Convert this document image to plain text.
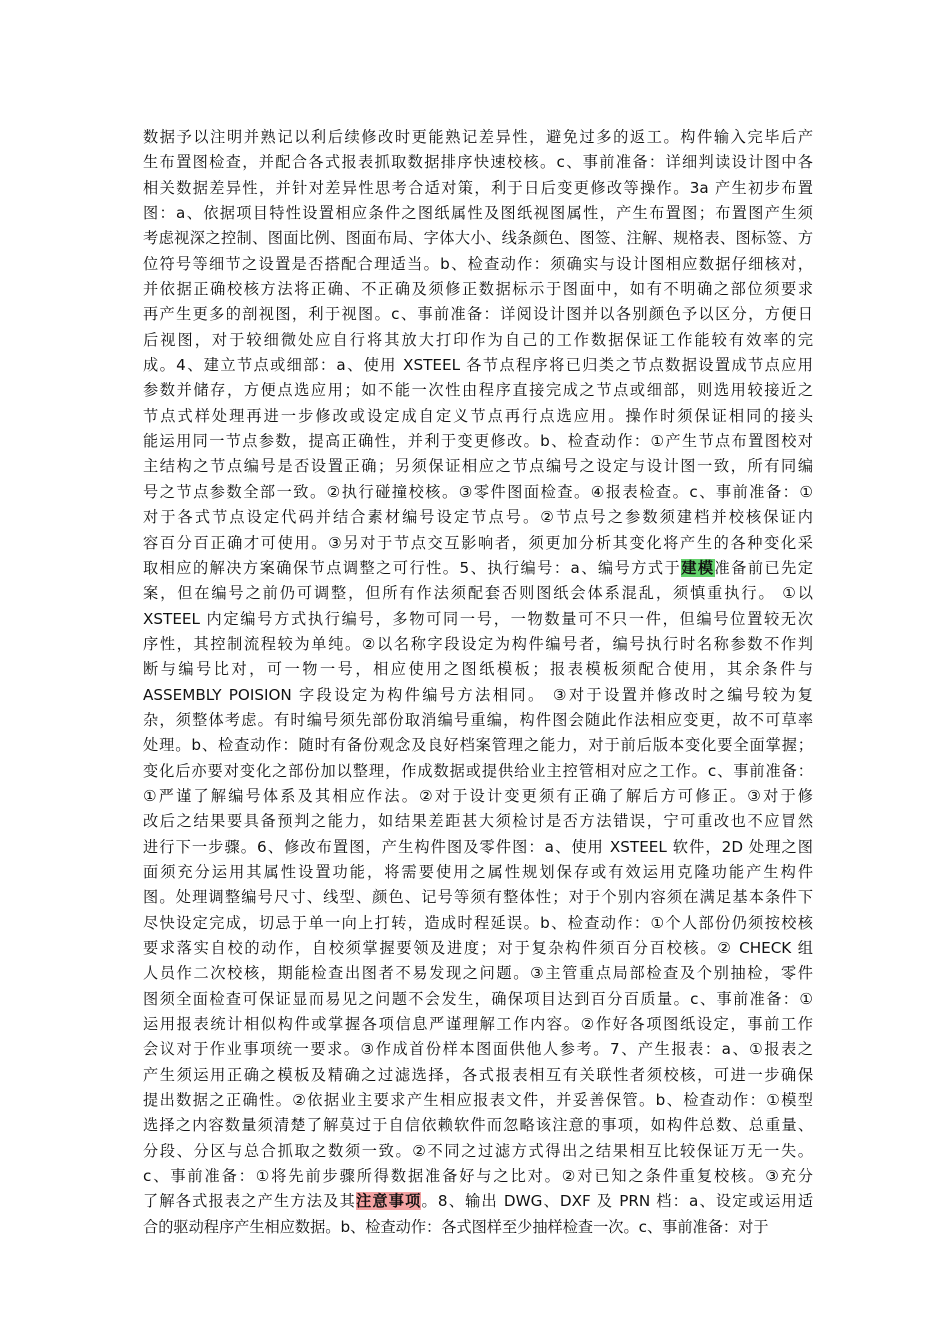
数据予以注明并熟记以利后续修改时更能熟记差异性，避免过多的返工。构件输入完毕后产
生布置图检查，并配合各式报表抓取数据排序快速校核。c、事前准备：详细判读设计图中各
相关数据差异性，并针对差异性思考合适对策，利于日后变更修改等操作。3a 产生初步布置
图：a、依据项目特性设置相应条件之图纸属性及图纸视图属性，产生布置图；布置图产生须
考虑视深之控制、图面比例、图面布局、字体大小、线条颜色、图签、注解、规格表、图标签、方
位符号等细节之设置是否搭配合理适当。b、检查动作：须确实与设计图相应数据仔细核对，
并依据正确校核方法将正确、不正确及须修正数据标示于图面中，如有不明确之部位须要求
再产生更多的剖视图，利于视图。c、事前准备：详阅设计图并以各别颜色予以区分，方便日
后视图，对于较细微处应自行将其放大打印作为自己的工作数据保证工作能较有效率的完
成。4、建立节点或细部：a、使用 XSTEEL 各节点程序将已归类之节点数据设置成节点应用
参数并储存，方便点选应用；如不能一次性由程序直接完成之节点或细部，则选用较接近之
节点式样处理再进一步修改或设定成自定义节点再行点选应用。操作时须保证相同的接头
能运用同一节点参数，提高正确性，并利于变更修改。b、检查动作：①产生节点布置图校对
主结构之节点编号是否设置正确；另须保证相应之节点编号之设定与设计图一致，所有同编
号之节点参数全部一致。②执行碰撞校核。③零件图面检查。④报表检查。c、事前准备：①
对于各式节点设定代码并结合素材编号设定节点号。②节点号之参数须建档并校核保证内
容百分百正确才可使用。③另对于节点交互影响者，须更加分析其变化将产生的各种变化采
取相应的解决方案确保节点调整之可行性。5、执行编号：a、编号方式于建模准备前已先定
案，但在编号之前仍可调整，但所有作法须配套否则图纸会体系混乱，须慎重执行。 ①以
XSTEEL 内定编号方式执行编号，多物可同一号，一物数量可不只一件，但编号位置较无次
序性，其控制流程较为单纯。②以名称字段设定为构件编号者，编号执行时名称参数不作判
断与编号比对，可一物一号，相应使用之图纸模板；报表模板须配合使用，其余条件与
ASSEMBLY POISION 字段设定为构件编号方法相同。 ③对于设置并修改时之编号较为复
杂，须整体考虑。有时编号须先部份取消编号重编，构件图会随此作法相应变更，故不可草率
处理。b、检查动作：随时有备份观念及良好档案管理之能力，对于前后版本变化要全面掌握；
变化后亦要对变化之部份加以整理，作成数据或提供给业主控管相对应之工作。c、事前准备：
①严谨了解编号体系及其相应作法。②对于设计变更须有正确了解后方可修正。③对于修
改后之结果要具备预判之能力，如结果差距甚大须检讨是否方法错误，宁可重改也不应冒然
进行下一步骤。6、修改布置图，产生构件图及零件图：a、使用 XSTEEL 软件，2D 处理之图
面须充分运用其属性设置功能，将需要使用之属性规划保存或有效运用克隆功能产生构件
图。处理调整编号尺寸、线型、颜色、记号等须有整体性；对于个别内容须在满足基本条件下
尽快设定完成，切忌于单一向上打转，造成时程延误。b、检查动作：①个人部份仍须按校核
要求落实自校的动作，自校须掌握要领及进度；对于复杂构件须百分百校核。② CHECK 组
人员作二次校核，期能检查出图者不易发现之问题。③主管重点局部检查及个别抽检，零件
图须全面检查可保证显而易见之问题不会发生，确保项目达到百分百质量。c、事前准备：①
运用报表统计相似构件或掌握各项信息严谨理解工作内容。②作好各项图纸设定，事前工作
会议对于作业事项统一要求。③作成首份样本图面供他人参考。7、产生报表：a、①报表之
产生须运用正确之模板及精确之过滤选择，各式报表相互有关联性者须校核，可进一步确保
提出数据之正确性。②依据业主要求产生相应报表文件，并妥善保管。b、检查动作：①模型
选择之内容数量须清楚了解莫过于自信依赖软件而忽略该注意的事项，如构件总数、总重量、
分段、分区与总合抓取之数须一致。②不同之过滤方式得出之结果相互比较保证万无一失。
c、事前准备：①将先前步骤所得数据准备好与之比对。②对已知之条件重复校核。③充分
了解各式报表之产生方法及其注意事项。8、输出 DWG、DXF 及 PRN 档：a、设定或运用适
合的驱动程序产生相应数据。b、检查动作：各式图样至少抽样检查一次。c、事前准备：对于
